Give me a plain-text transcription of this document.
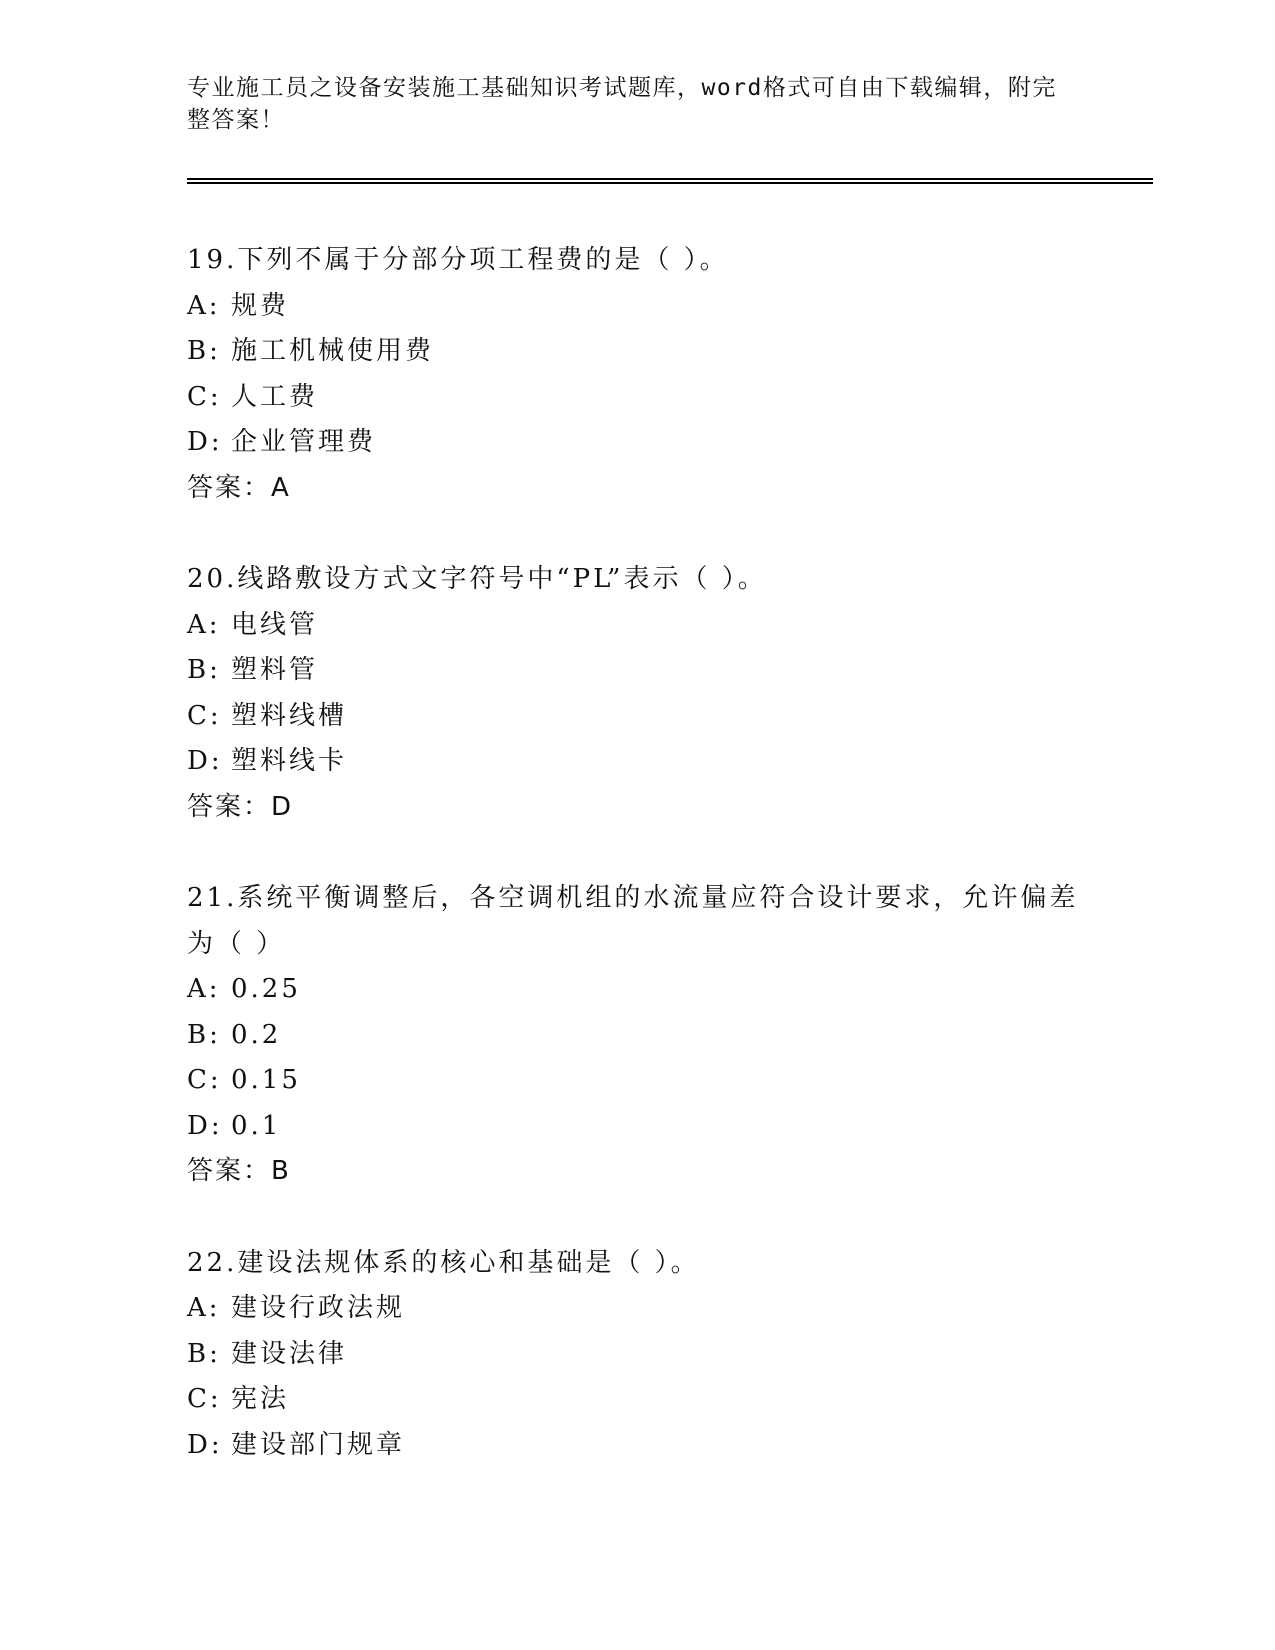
专业施工员之设备安装施工基础知识考试题库，word格式可自由下载编辑，附完整答案！
19.下列不属于分部分项工程费的是（ ）。
A: 规费
B: 施工机械使用费
C: 人工费
D: 企业管理费
答案：A
20.线路敷设方式文字符号中“PL”表示（ ）。
A: 电线管
B: 塑料管
C: 塑料线槽
D: 塑料线卡
答案：D
21.系统平衡调整后，各空调机组的水流量应符合设计要求，允许偏差为（ ）
A: 0.25
B: 0.2
C: 0.15
D: 0.1
答案：B
22.建设法规体系的核心和基础是（ ）。
A: 建设行政法规
B: 建设法律
C: 宪法
D: 建设部门规章
